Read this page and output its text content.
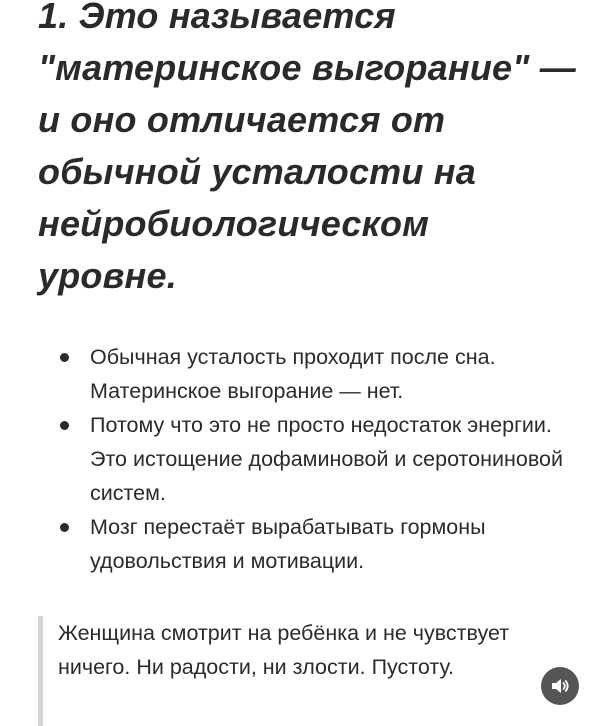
1. Это называется "материнское выгорание" — и оно отличается от обычной усталости на нейробиологическом уровне.
Обычная усталость проходит после сна. Материнское выгорание — нет.
Потому что это не просто недостаток энергии. Это истощение дофаминовой и серотониновой систем.
Мозг перестаёт вырабатывать гормоны удовольствия и мотивации.
Женщина смотрит на ребёнка и не чувствует ничего. Ни радости, ни злости. Пустоту.
